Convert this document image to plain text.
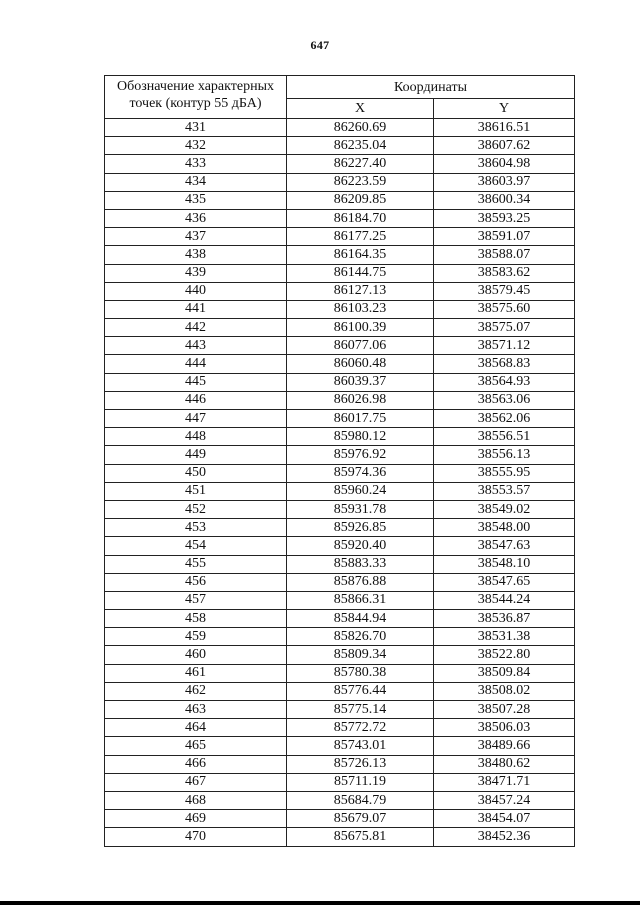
647
Обозначение характерных точек (контур 55 дБА)	Координаты	
	X	Y
431	86260.69	38616.51
432	86235.04	38607.62
433	86227.40	38604.98
434	86223.59	38603.97
435	86209.85	38600.34
436	86184.70	38593.25
437	86177.25	38591.07
438	86164.35	38588.07
439	86144.75	38583.62
440	86127.13	38579.45
441	86103.23	38575.60
442	86100.39	38575.07
443	86077.06	38571.12
444	86060.48	38568.83
445	86039.37	38564.93
446	86026.98	38563.06
447	86017.75	38562.06
448	85980.12	38556.51
449	85976.92	38556.13
450	85974.36	38555.95
451	85960.24	38553.57
452	85931.78	38549.02
453	85926.85	38548.00
454	85920.40	38547.63
455	85883.33	38548.10
456	85876.88	38547.65
457	85866.31	38544.24
458	85844.94	38536.87
459	85826.70	38531.38
460	85809.34	38522.80
461	85780.38	38509.84
462	85776.44	38508.02
463	85775.14	38507.28
464	85772.72	38506.03
465	85743.01	38489.66
466	85726.13	38480.62
467	85711.19	38471.71
468	85684.79	38457.24
469	85679.07	38454.07
470	85675.81	38452.36
